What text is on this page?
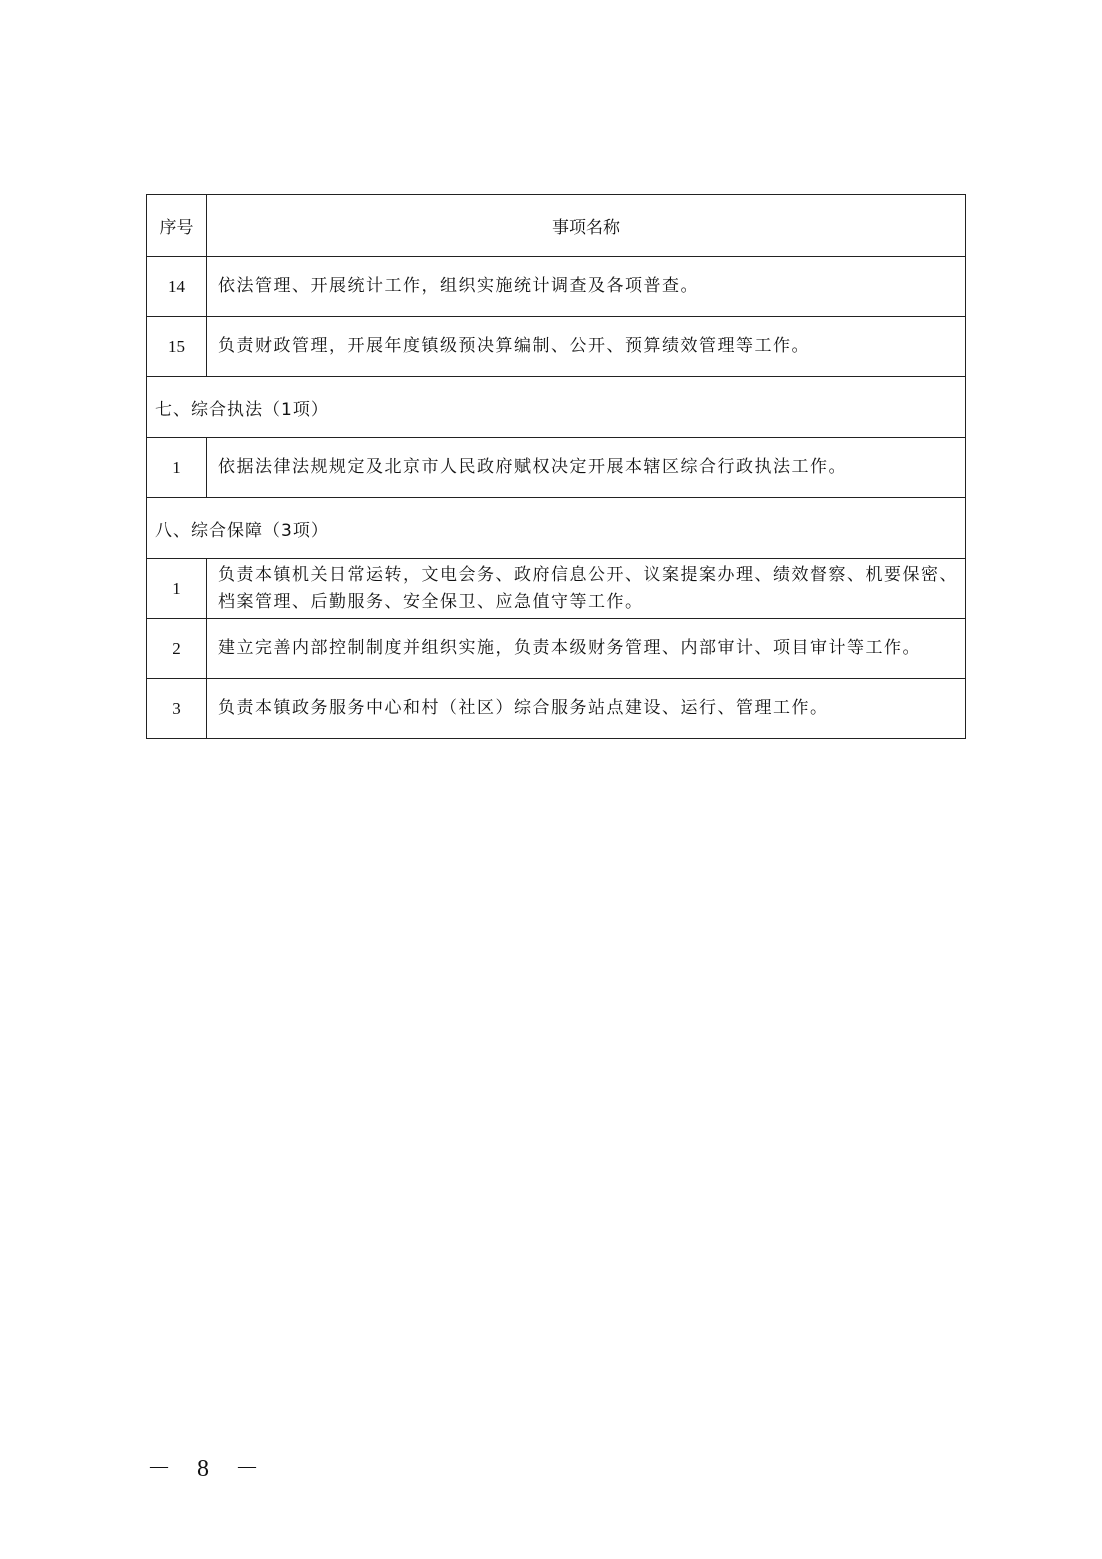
序号	事项名称
14	依法管理、开展统计工作，组织实施统计调查及各项普查。
15	负责财政管理，开展年度镇级预决算编制、公开、预算绩效管理等工作。
七、综合执法（1项）	
1	依据法律法规规定及北京市人民政府赋权决定开展本辖区综合行政执法工作。
八、综合保障（3项）	
1	负责本镇机关日常运转，文电会务、政府信息公开、议案提案办理、绩效督察、机要保密、档案管理、后勤服务、安全保卫、应急值守等工作。
2	建立完善内部控制制度并组织实施，负责本级财务管理、内部审计、项目审计等工作。
3	负责本镇政务服务中心和村（社区）综合服务站点建设、运行、管理工作。
－ 8 －
